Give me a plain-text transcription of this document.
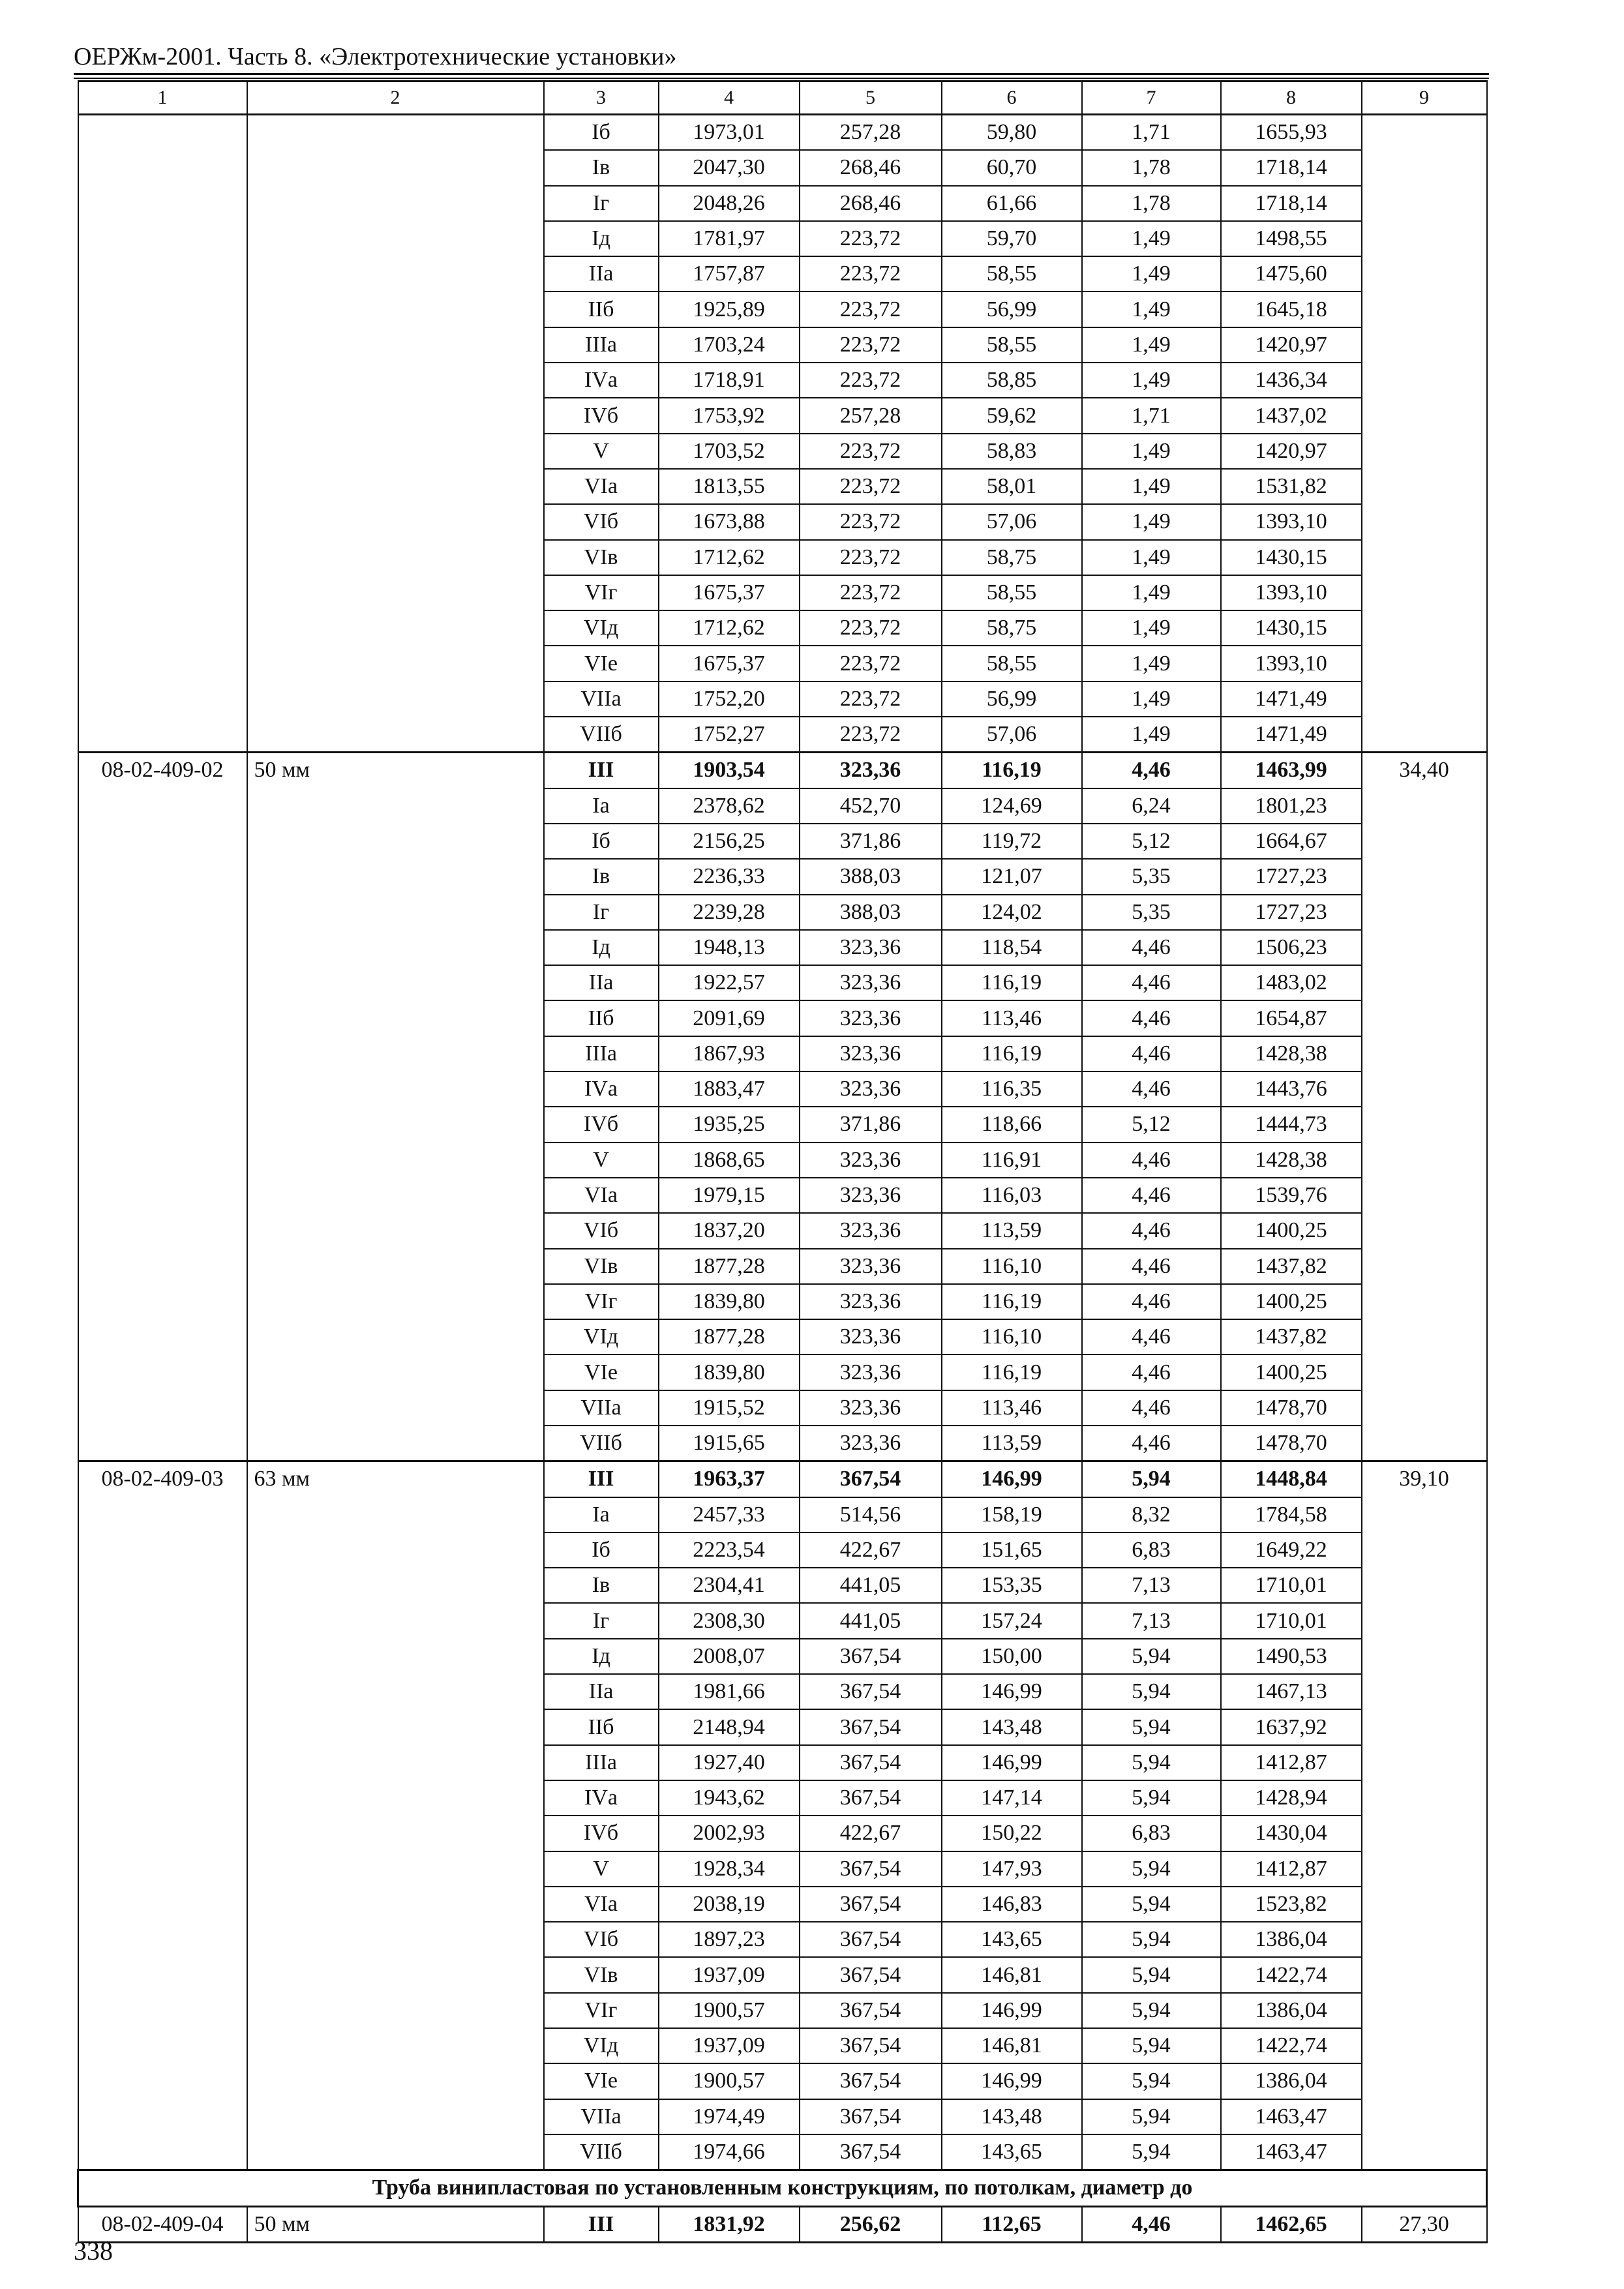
ОЕРЖм-2001. Часть 8. «Электротехнические установки»
1	2	3	4	5	6	7	8	9
		Iб	1973,01	257,28	59,80	1,71	1655,93	
		Iв	2047,30	268,46	60,70	1,78	1718,14	
		Iг	2048,26	268,46	61,66	1,78	1718,14	
		Iд	1781,97	223,72	59,70	1,49	1498,55	
		IIа	1757,87	223,72	58,55	1,49	1475,60	
		IIб	1925,89	223,72	56,99	1,49	1645,18	
		IIIа	1703,24	223,72	58,55	1,49	1420,97	
		IVа	1718,91	223,72	58,85	1,49	1436,34	
		IVб	1753,92	257,28	59,62	1,71	1437,02	
		V	1703,52	223,72	58,83	1,49	1420,97	
		VIа	1813,55	223,72	58,01	1,49	1531,82	
		VIб	1673,88	223,72	57,06	1,49	1393,10	
		VIв	1712,62	223,72	58,75	1,49	1430,15	
		VIг	1675,37	223,72	58,55	1,49	1393,10	
		VIд	1712,62	223,72	58,75	1,49	1430,15	
		VIе	1675,37	223,72	58,55	1,49	1393,10	
		VIIа	1752,20	223,72	56,99	1,49	1471,49	
		VIIб	1752,27	223,72	57,06	1,49	1471,49	
08-02-409-02	50 мм	III	1903,54	323,36	116,19	4,46	1463,99	34,40
		Iа	2378,62	452,70	124,69	6,24	1801,23	
		Iб	2156,25	371,86	119,72	5,12	1664,67	
		Iв	2236,33	388,03	121,07	5,35	1727,23	
		Iг	2239,28	388,03	124,02	5,35	1727,23	
		Iд	1948,13	323,36	118,54	4,46	1506,23	
		IIа	1922,57	323,36	116,19	4,46	1483,02	
		IIб	2091,69	323,36	113,46	4,46	1654,87	
		IIIа	1867,93	323,36	116,19	4,46	1428,38	
		IVа	1883,47	323,36	116,35	4,46	1443,76	
		IVб	1935,25	371,86	118,66	5,12	1444,73	
		V	1868,65	323,36	116,91	4,46	1428,38	
		VIа	1979,15	323,36	116,03	4,46	1539,76	
		VIб	1837,20	323,36	113,59	4,46	1400,25	
		VIв	1877,28	323,36	116,10	4,46	1437,82	
		VIг	1839,80	323,36	116,19	4,46	1400,25	
		VIд	1877,28	323,36	116,10	4,46	1437,82	
		VIе	1839,80	323,36	116,19	4,46	1400,25	
		VIIа	1915,52	323,36	113,46	4,46	1478,70	
		VIIб	1915,65	323,36	113,59	4,46	1478,70	
08-02-409-03	63 мм	III	1963,37	367,54	146,99	5,94	1448,84	39,10
		Iа	2457,33	514,56	158,19	8,32	1784,58	
		Iб	2223,54	422,67	151,65	6,83	1649,22	
		Iв	2304,41	441,05	153,35	7,13	1710,01	
		Iг	2308,30	441,05	157,24	7,13	1710,01	
		Iд	2008,07	367,54	150,00	5,94	1490,53	
		IIа	1981,66	367,54	146,99	5,94	1467,13	
		IIб	2148,94	367,54	143,48	5,94	1637,92	
		IIIа	1927,40	367,54	146,99	5,94	1412,87	
		IVа	1943,62	367,54	147,14	5,94	1428,94	
		IVб	2002,93	422,67	150,22	6,83	1430,04	
		V	1928,34	367,54	147,93	5,94	1412,87	
		VIа	2038,19	367,54	146,83	5,94	1523,82	
		VIб	1897,23	367,54	143,65	5,94	1386,04	
		VIв	1937,09	367,54	146,81	5,94	1422,74	
		VIг	1900,57	367,54	146,99	5,94	1386,04	
		VIд	1937,09	367,54	146,81	5,94	1422,74	
		VIе	1900,57	367,54	146,99	5,94	1386,04	
		VIIа	1974,49	367,54	143,48	5,94	1463,47	
		VIIб	1974,66	367,54	143,65	5,94	1463,47	
Труба винипластовая по установленным конструкциям, по потолкам, диаметр до								
08-02-409-04	50 мм	III	1831,92	256,62	112,65	4,46	1462,65	27,30
338
